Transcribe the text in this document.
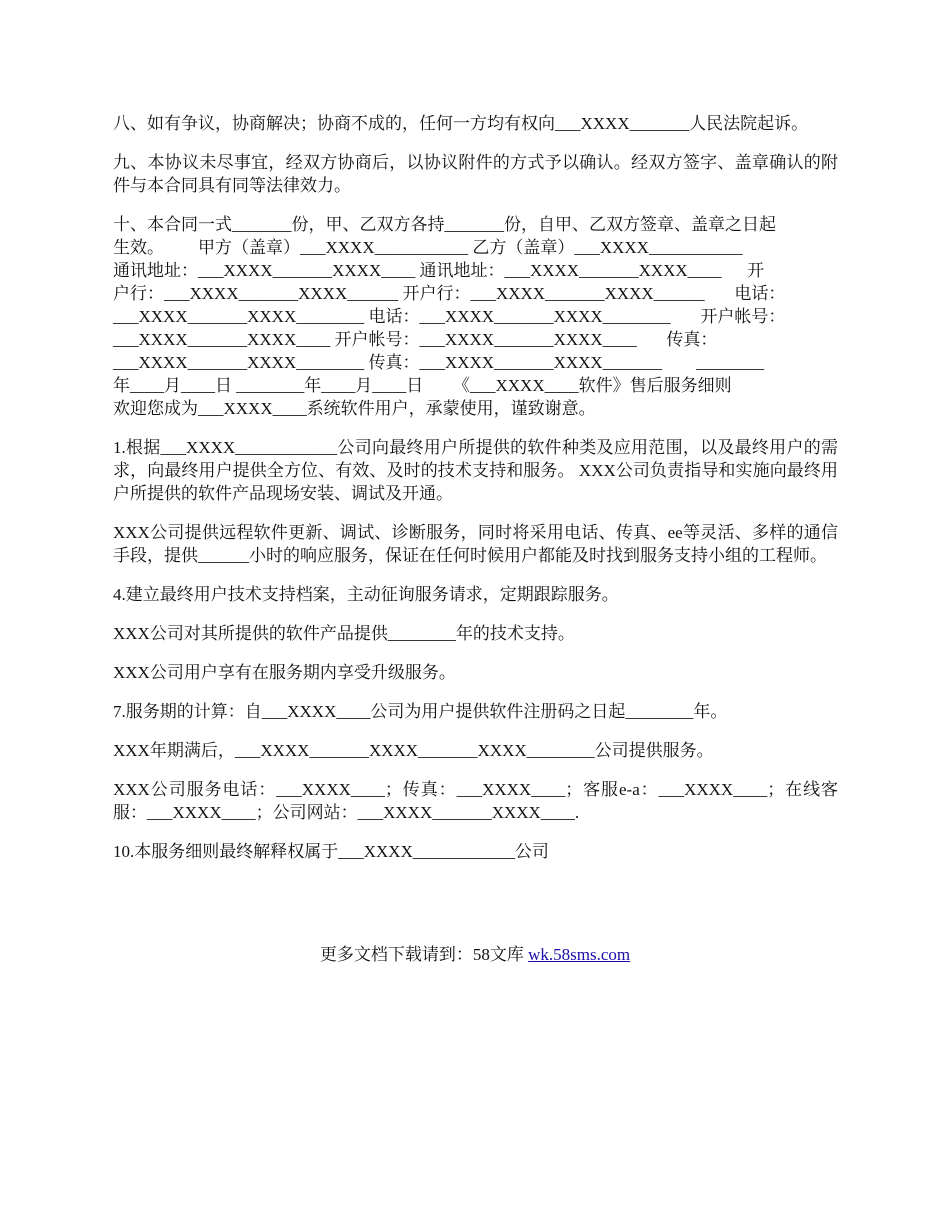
八、如有争议，协商解决；协商不成的，任何一方均有权向___XXXX_______人民法院起诉。

九、本协议未尽事宜，经双方协商后，以协议附件的方式予以确认。经双方签字、盖章确认的附件与本合同具有同等法律效力。

十、本合同一式_______份，甲、乙双方各持_______份，自甲、乙双方签章、盖章之日起
生效。        甲方（盖章）___XXXX___________ 乙方（盖章）___XXXX___________
通讯地址：___XXXX_______XXXX____ 通讯地址：___XXXX_______XXXX____      开
户行：___XXXX_______XXXX______ 开户行：___XXXX_______XXXX______       电话：
___XXXX_______XXXX________ 电话：___XXXX_______XXXX________       开户帐号：
___XXXX_______XXXX____ 开户帐号：___XXXX_______XXXX____       传真：
___XXXX_______XXXX________ 传真：___XXXX_______XXXX_______        ________
年____月____日 ________年____月____日       《___XXXX____软件》售后服务细则
欢迎您成为___XXXX____系统软件用户，承蒙使用，谨致谢意。

1.根据___XXXX____________公司向最终用户所提供的软件种类及应用范围，以及最终用户的需求，向最终用户提供全方位、有效、及时的技术支持和服务。 XXX公司负责指导和实施向最终用户所提供的软件产品现场安装、调试及开通。

XXX公司提供远程软件更新、调试、诊断服务，同时将采用电话、传真、ee等灵活、多样的通信手段，提供______小时的响应服务，保证在任何时候用户都能及时找到服务支持小组的工程师。

4.建立最终用户技术支持档案，主动征询服务请求，定期跟踪服务。

XXX公司对其所提供的软件产品提供________年的技术支持。

XXX公司用户享有在服务期内享受升级服务。

7.服务期的计算：自___XXXX____公司为用户提供软件注册码之日起________年。

XXX年期满后，___XXXX_______XXXX_______XXXX________公司提供服务。

XXX公司服务电话：___XXXX____；传真：___XXXX____；客服e-a：___XXXX____；在线客服：___XXXX____；公司网站：___XXXX_______XXXX____.

10.本服务细则最终解释权属于___XXXX____________公司

更多文档下载请到：58文库 wk.58sms.com
